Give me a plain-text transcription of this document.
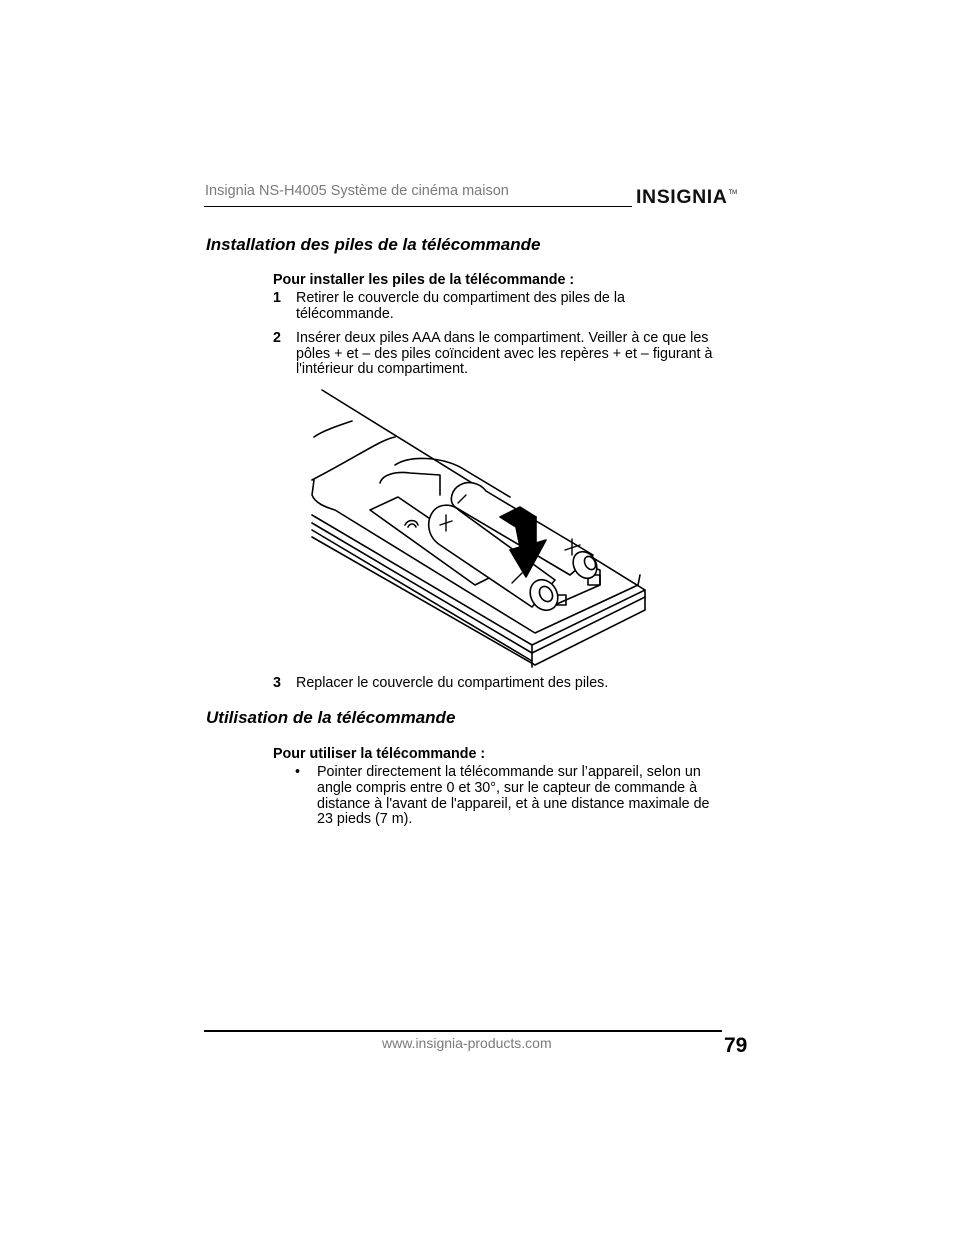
Insignia NS-H4005 Système de cinéma maison	INSIGNIA™
Installation des piles de la télécommande
Pour installer les piles de la télécommande :
1 Retirer le couvercle du compartiment des piles de la
télécommande.
2 Insérer deux piles AAA dans le compartiment. Veiller à ce que les
pôles + et – des piles coïncident avec les repères + et – figurant à
l'intérieur du compartiment.
3 Replacer le couvercle du compartiment des piles.
Utilisation de la télécommande
Pour utiliser la télécommande :
• Pointer directement la télécommande sur l’appareil, selon un
angle compris entre 0 et 30°, sur le capteur de commande à
distance à l'avant de l'appareil, et à une distance maximale de
23 pieds (7 m).
www.insignia-products.com	79
